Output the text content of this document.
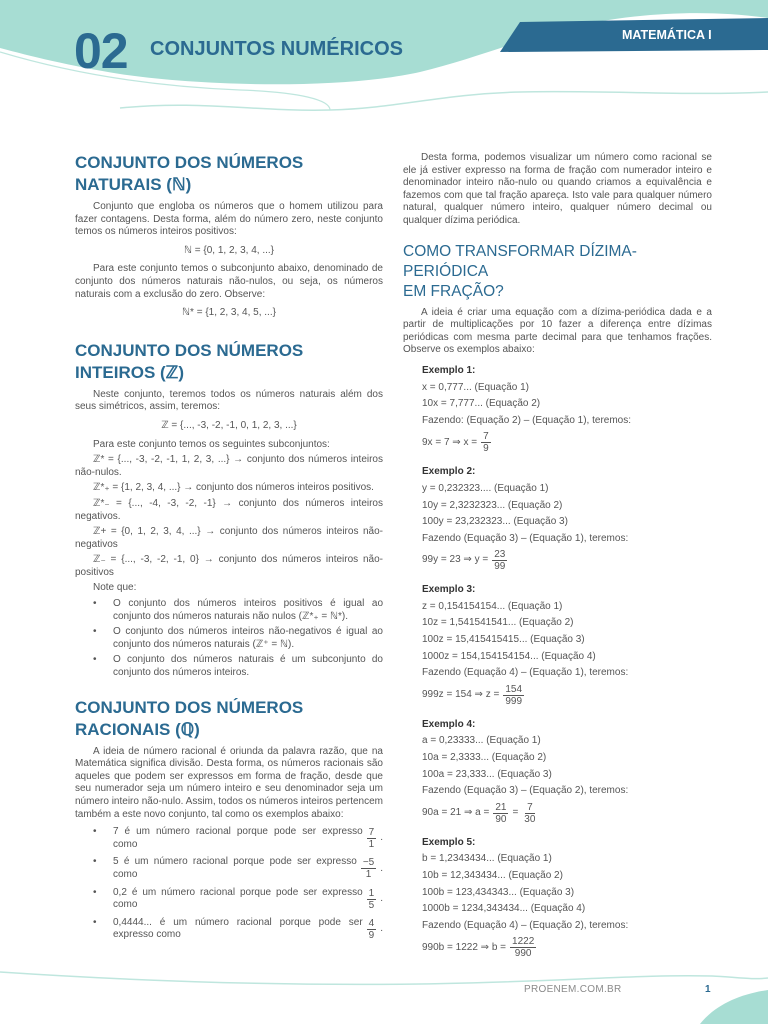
02 CONJUNTOS NUMÉRICOS
MATEMÁTICA I
CONJUNTO DOS NÚMEROS
NATURAIS (ℕ)

Conjunto que engloba os números que o homem utilizou para fazer contagens. Desta forma, além do número zero, neste conjunto temos os números inteiros positivos:

ℕ = {0, 1, 2, 3, 4, ...}

Para este conjunto temos o subconjunto abaixo, denominado de conjunto dos números naturais não-nulos, ou seja, os números naturais com a exclusão do zero. Observe:

ℕ* = {1, 2, 3, 4, 5, ...}

CONJUNTO DOS NÚMEROS
INTEIROS (ℤ)

Neste conjunto, teremos todos os números naturais além dos seus simétricos, assim, teremos:

ℤ = {..., -3, -2, -1, 0, 1, 2, 3, ...}

Para este conjunto temos os seguintes subconjuntos:

ℤ* = {..., -3, -2, -1, 1, 2, 3, ...} → conjunto dos números inteiros não-nulos.

ℤ*₊ = {1, 2, 3, 4, ...} → conjunto dos números inteiros positivos.

ℤ*₋ = {..., -4, -3, -2, -1} → conjunto dos números inteiros negativos.

ℤ+ = {0, 1, 2, 3, 4, ...} → conjunto dos números inteiros não-negativos

ℤ₋ = {..., -3, -2, -1, 0} → conjunto dos números inteiros não-positivos

Note que:

• O conjunto dos números inteiros positivos é igual ao conjunto dos números naturais não nulos (ℤ*₊ = ℕ*).
• O conjunto dos números inteiros não-negativos é igual ao conjunto dos números naturais (ℤ⁺ = ℕ).
• O conjunto dos números naturais é um subconjunto do conjunto dos números inteiros.
CONJUNTO DOS NÚMEROS
RACIONAIS (ℚ)

A ideia de número racional é oriunda da palavra razão, que na Matemática significa divisão. Desta forma, os números racionais são aqueles que podem ser expressos em forma de fração, desde que seu numerador seja um número inteiro e seu denominador seja um número inteiro não-nulo. Assim, todos os números inteiros pertencem também a este novo conjunto, tal como os exemplos abaixo:

• 7 é um número racional porque pode ser expresso como	$\frac{7}{1}$ .
• 5 é um número racional porque pode ser expresso como	$\frac{-5}{1}$ .
• 0,2 é um número racional porque pode ser expresso como	$\frac{1}{5}$ .
• 0,4444... é um número racional porque pode ser expresso como	$\frac{4}{9}$ .

Desta forma, podemos visualizar um número como racional se ele já estiver expresso na forma de fração com numerador inteiro e denominador inteiro não-nulo ou quando criamos a equivalência e fazemos com que tal fração apareça. Isto vale para qualquer número natural, qualquer número inteiro, qualquer número decimal ou qualquer dízima periódica.

COMO TRANSFORMAR DÍZIMA-PERIÓDICA
EM FRAÇÃO?

A ideia é criar uma equação com a dízima-periódica dada e a partir de multiplicações por 10 fazer a diferença entre dízimas periódicas com mesma parte decimal para que tenhamos frações. Observe os exemplos abaixo:

Exemplo 1:
x = 0,777... (Equação 1)
10x = 7,777... (Equação 2)
Fazendo: (Equação 2) – (Equação 1), teremos:
9x = 7 ⇒ $x = \frac{7}{9}$
Exemplo 2:
y = 0,232323.... (Equação 1)
10y = 2,3232323... (Equação 2)
100y = 23,232323... (Equação 3)
Fazendo (Equação 3) – (Equação 1), teremos:
99y = 23 ⇒ $y = \frac{23}{99}$
Exemplo 3:
z = 0,154154154... (Equação 1)
10z = 1,541541541... (Equação 2)
100z = 15,415415415... (Equação 3)
1000z = 154,154154154... (Equação 4)
Fazendo (Equação 4) – (Equação 1), teremos:
999z = 154 ⇒ $z = \frac{154}{999}$
Exemplo 4:
a = 0,23333... (Equação 1)
10a = 2,3333... (Equação 2)
100a = 23,333... (Equação 3)
Fazendo (Equação 3) – (Equação 2), teremos:
90a = 21 ⇒ $a = \frac{21}{90} = \frac{7}{30}$
Exemplo 5:
b = 1,2343434... (Equação 1)
10b = 12,343434... (Equação 2)
100b = 123,434343... (Equação 3)
1000b = 1234,343434... (Equação 4)
Fazendo (Equação 4) – (Equação 2), teremos:
990b = 1222 ⇒ $b = \frac{1222}{990}$
PROENEM.COM.BR	1
